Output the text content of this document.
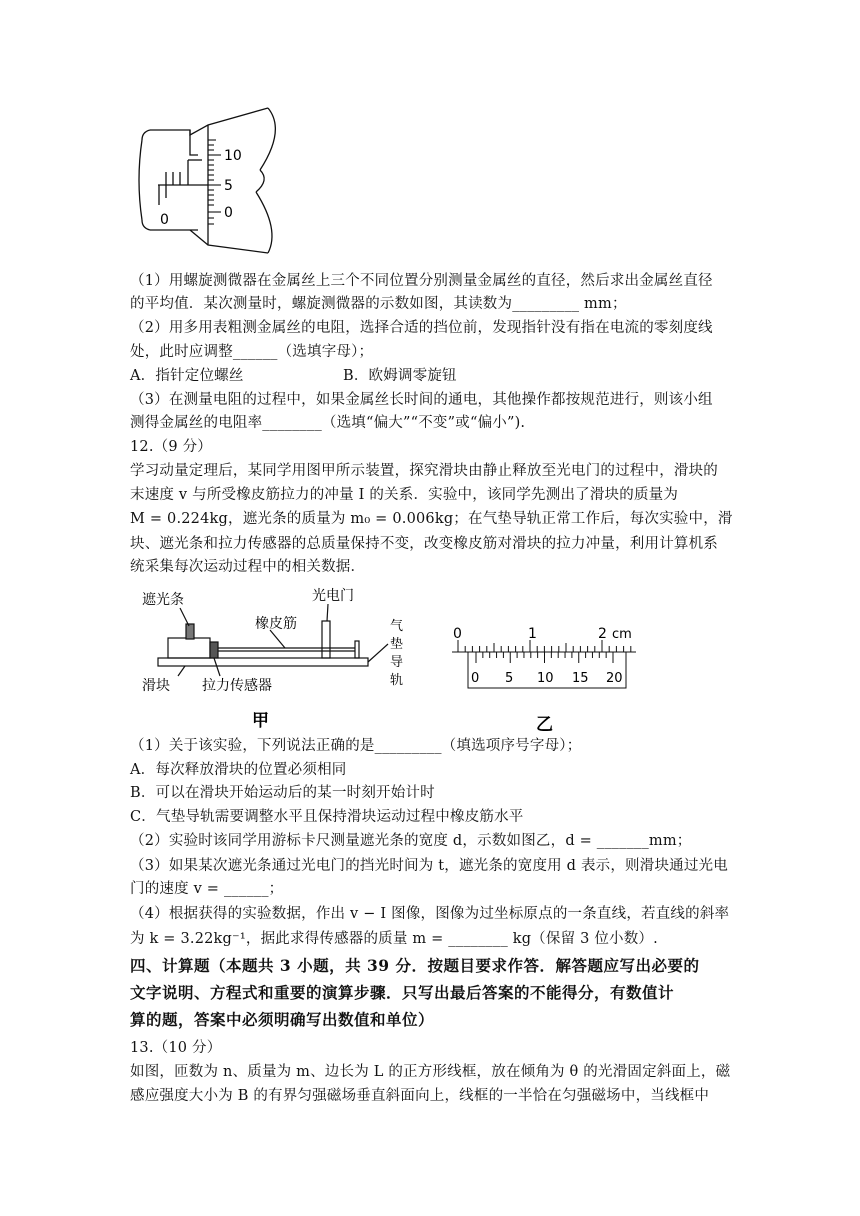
10
5
0
0
（1）用螺旋测微器在金属丝上三个不同位置分别测量金属丝的直径，然后求出金属丝直径
的平均值．某次测量时，螺旋测微器的示数如图，其读数为_________ mm；
（2）用多用表粗测金属丝的电阻，选择合适的挡位前，发现指针没有指在电流的零刻度线
处，此时应调整______（选填字母）；
A．指针定位螺丝	B．欧姆调零旋钮
（3）在测量电阻的过程中，如果金属丝长时间的通电，其他操作都按规范进行，则该小组
测得金属丝的电阻率________（选填“偏大”“不变”或“偏小”).
12.（9 分）
学习动量定理后，某同学用图甲所示装置，探究滑块由静止释放至光电门的过程中，滑块的
末速度 v 与所受橡皮筋拉力的冲量 I 的关系．实验中，该同学先测出了滑块的质量为
M = 0.224kg，遮光条的质量为 m₀ = 0.006kg；在气垫导轨正常工作后，每次实验中，滑
块、遮光条和拉力传感器的总质量保持不变，改变橡皮筋对滑块的拉力冲量，利用计算机系
统采集每次运动过程中的相关数据．
遮光条	光电门
橡皮筋	气
垫
导
轨
滑块 拉力传感器
甲
0	1	2 cm
0 5 10 15 20
乙
（1）关于该实验，下列说法正确的是_________（填选项序号字母）；
A．每次释放滑块的位置必须相同
B．可以在滑块开始运动后的某一时刻开始计时
C．气垫导轨需要调整水平且保持滑块运动过程中橡皮筋水平
（2）实验时该同学用游标卡尺测量遮光条的宽度 d，示数如图乙，d = _______mm；
（3）如果某次遮光条通过光电门的挡光时间为 t，遮光条的宽度用 d 表示，则滑块通过光电
门的速度 v = ______；
（4）根据获得的实验数据，作出 v − I 图像，图像为过坐标原点的一条直线，若直线的斜率
为 k = 3.22kg⁻¹，据此求得传感器的质量 m = ________ kg（保留 3 位小数）.
四、计算题（本题共 3 小题，共 39 分．按题目要求作答．解答题应写出必要的
文字说明、方程式和重要的演算步骤．只写出最后答案的不能得分，有数值计
算的题，答案中必须明确写出数值和单位）
13.（10 分）
如图，匝数为 n、质量为 m、边长为 L 的正方形线框，放在倾角为 θ 的光滑固定斜面上，磁
感应强度大小为 B 的有界匀强磁场垂直斜面向上，线框的一半恰在匀强磁场中，当线框中
